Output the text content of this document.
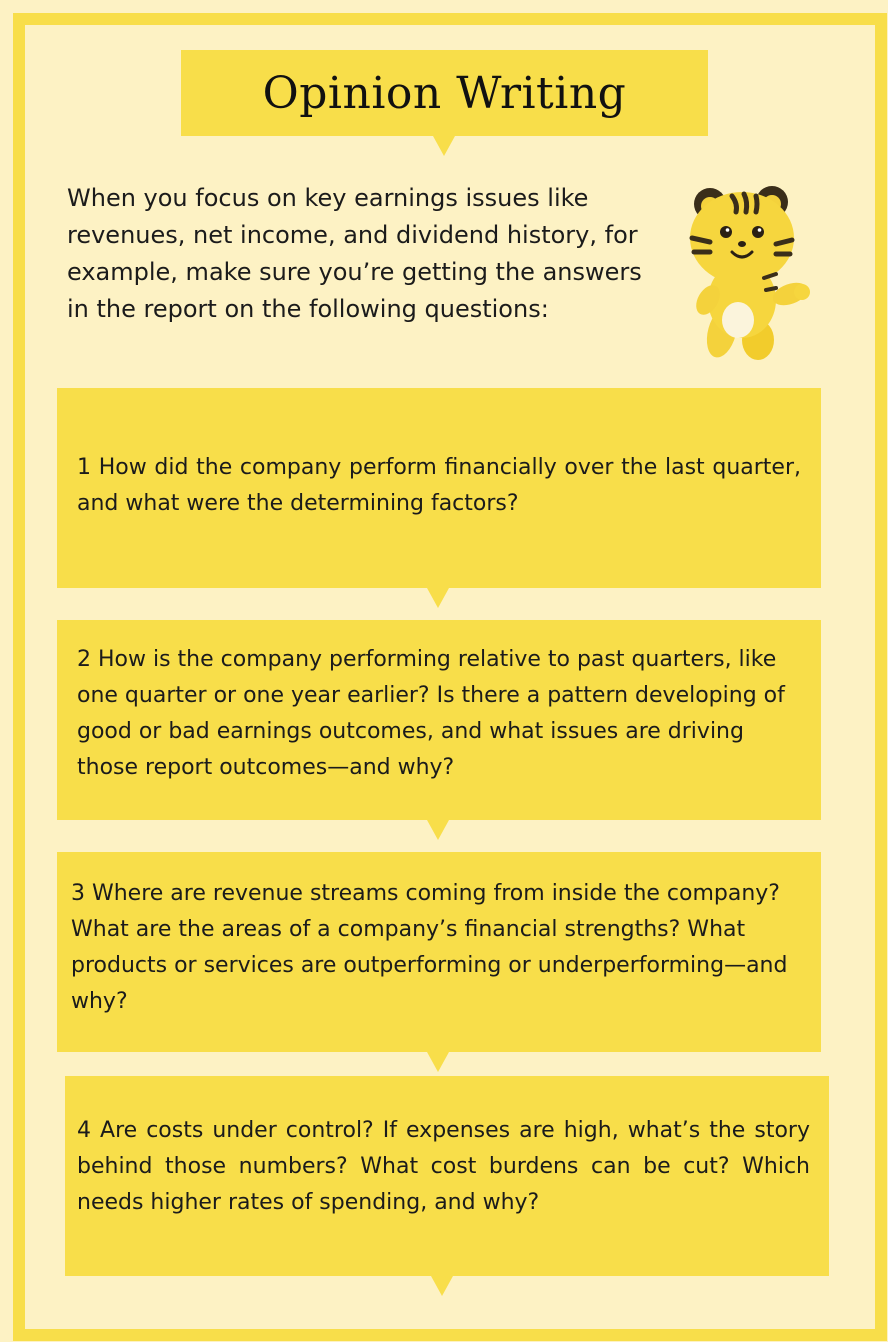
Opinion Writing
When you focus on key earnings issues like revenues, net income, and dividend history, for example, make sure you’re getting the answers in the report on the following questions:
1 How did the company perform financially over the last quarter, and what were the determining factors?
2 How is the company performing relative to past quarters, like one quarter or one year earlier? Is there a pattern developing of good or bad earnings outcomes, and what issues are driving those report outcomes—and why?
3 Where are revenue streams coming from inside the company? What are the areas of a company’s financial strengths? What products or services are outperforming or underperforming—and why?
4 Are costs under control? If expenses are high, what’s the story behind those numbers? What cost burdens can be cut? Which needs higher rates of spending, and why?
